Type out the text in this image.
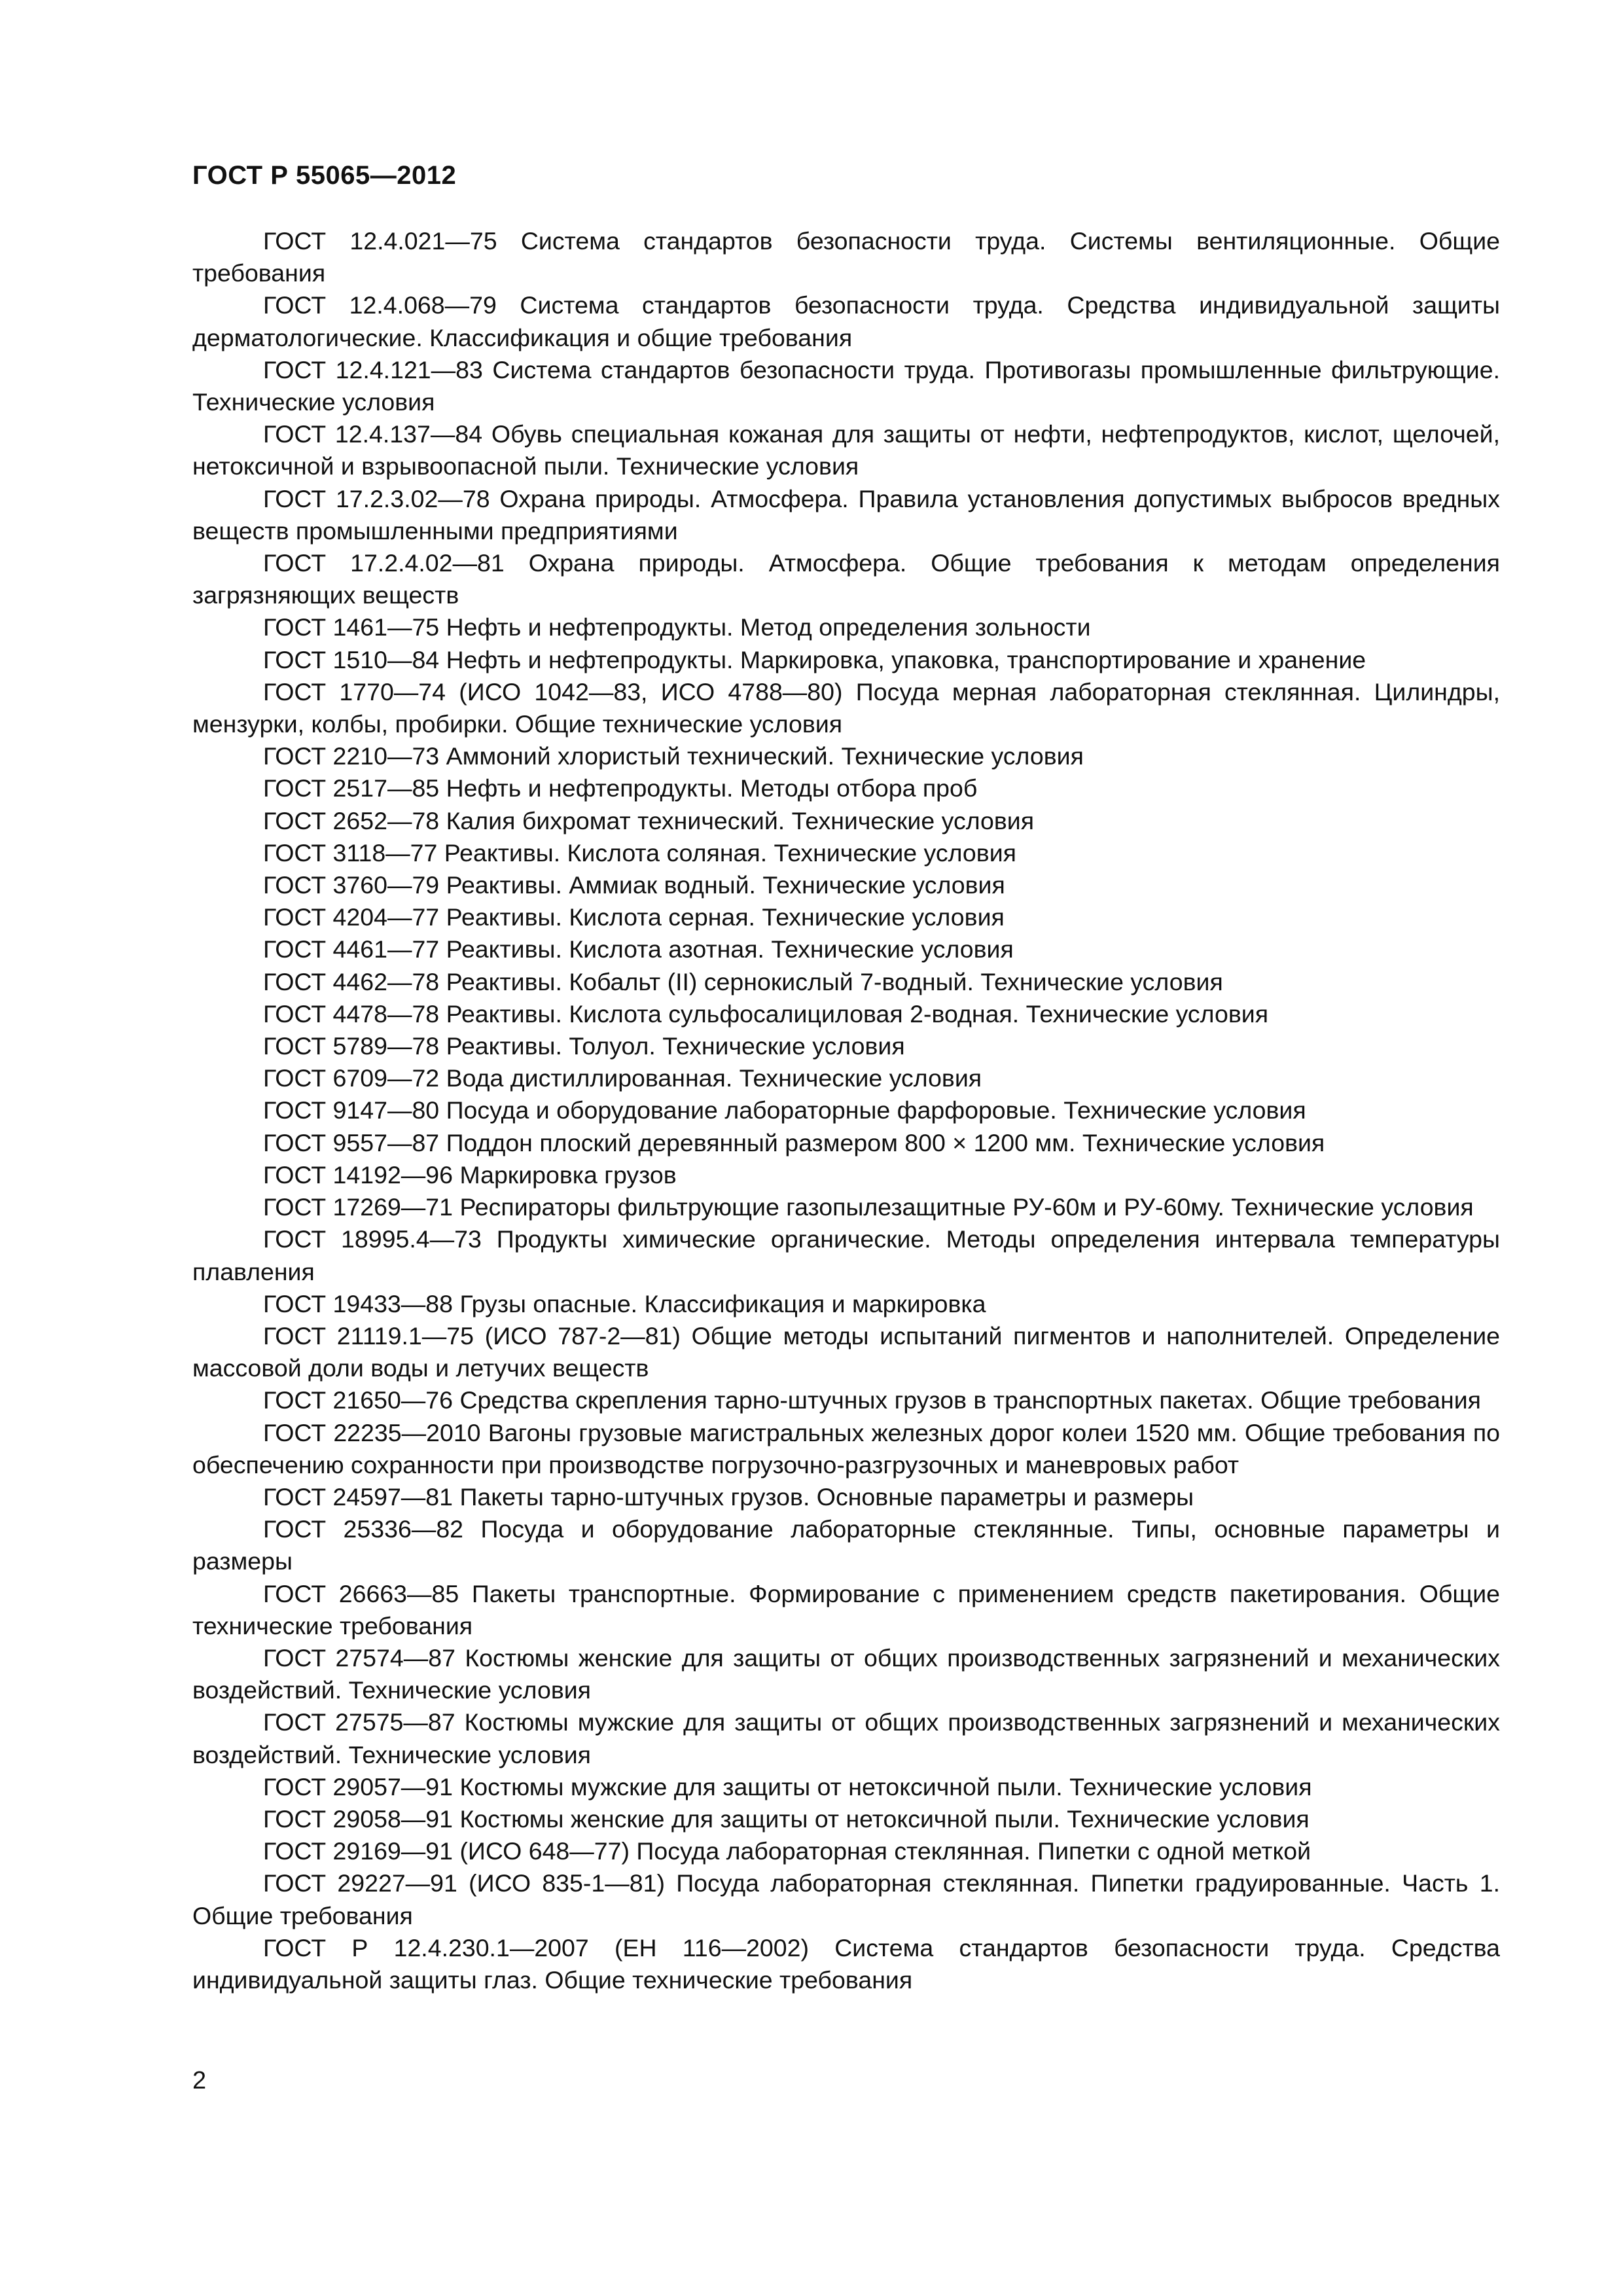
ГОСТ Р 55065—2012
ГОСТ 12.4.021—75 Система стандартов безопасности труда. Системы вентиляционные. Общие требования
ГОСТ 12.4.068—79 Система стандартов безопасности труда. Средства индивидуальной защиты дерматологические. Классификация и общие требования
ГОСТ 12.4.121—83 Система стандартов безопасности труда. Противогазы промышленные фильтрующие. Технические условия
ГОСТ 12.4.137—84 Обувь специальная кожаная для защиты от нефти, нефтепродуктов, кислот, щелочей, нетоксичной и взрывоопасной пыли. Технические условия
ГОСТ 17.2.3.02—78 Охрана природы. Атмосфера. Правила установления допустимых выбросов вредных веществ промышленными предприятиями
ГОСТ 17.2.4.02—81 Охрана природы. Атмосфера. Общие требования к методам определения загрязняющих веществ
ГОСТ 1461—75 Нефть и нефтепродукты. Метод определения зольности
ГОСТ 1510—84 Нефть и нефтепродукты. Маркировка, упаковка, транспортирование и хранение
ГОСТ 1770—74 (ИСО 1042—83, ИСО 4788—80) Посуда мерная лабораторная стеклянная. Цилиндры, мензурки, колбы, пробирки. Общие технические условия
ГОСТ 2210—73 Аммоний хлористый технический. Технические условия
ГОСТ 2517—85 Нефть и нефтепродукты. Методы отбора проб
ГОСТ 2652—78 Калия бихромат технический. Технические условия
ГОСТ 3118—77 Реактивы. Кислота соляная. Технические условия
ГОСТ 3760—79 Реактивы. Аммиак водный. Технические условия
ГОСТ 4204—77 Реактивы. Кислота серная. Технические условия
ГОСТ 4461—77 Реактивы. Кислота азотная. Технические условия
ГОСТ 4462—78 Реактивы. Кобальт (II) сернокислый 7-водный. Технические условия
ГОСТ 4478—78 Реактивы. Кислота сульфосалициловая 2-водная. Технические условия
ГОСТ 5789—78 Реактивы. Толуол. Технические условия
ГОСТ 6709—72 Вода дистиллированная. Технические условия
ГОСТ 9147—80 Посуда и оборудование лабораторные фарфоровые. Технические условия
ГОСТ 9557—87 Поддон плоский деревянный размером 800 × 1200 мм. Технические условия
ГОСТ 14192—96 Маркировка грузов
ГОСТ 17269—71 Респираторы фильтрующие газопылезащитные РУ-60м и РУ-60му. Технические условия
ГОСТ 18995.4—73 Продукты химические органические. Методы определения интервала температуры плавления
ГОСТ 19433—88 Грузы опасные. Классификация и маркировка
ГОСТ 21119.1—75 (ИСО 787-2—81) Общие методы испытаний пигментов и наполнителей. Определение массовой доли воды и летучих веществ
ГОСТ 21650—76 Средства скрепления тарно-штучных грузов в транспортных пакетах. Общие требования
ГОСТ 22235—2010 Вагоны грузовые магистральных железных дорог колеи 1520 мм. Общие требования по обеспечению сохранности при производстве погрузочно-разгрузочных и маневровых работ
ГОСТ 24597—81 Пакеты тарно-штучных грузов. Основные параметры и размеры
ГОСТ 25336—82 Посуда и оборудование лабораторные стеклянные. Типы, основные параметры и размеры
ГОСТ 26663—85 Пакеты транспортные. Формирование с применением средств пакетирования. Общие технические требования
ГОСТ 27574—87 Костюмы женские для защиты от общих производственных загрязнений и механических воздействий. Технические условия
ГОСТ 27575—87 Костюмы мужские для защиты от общих производственных загрязнений и механических воздействий. Технические условия
ГОСТ 29057—91 Костюмы мужские для защиты от нетоксичной пыли. Технические условия
ГОСТ 29058—91 Костюмы женские для защиты от нетоксичной пыли. Технические условия
ГОСТ 29169—91 (ИСО 648—77) Посуда лабораторная стеклянная. Пипетки с одной меткой
ГОСТ 29227—91 (ИСО 835-1—81) Посуда лабораторная стеклянная. Пипетки градуированные. Часть 1. Общие требования
ГОСТ Р 12.4.230.1—2007 (ЕН 116—2002) Система стандартов безопасности труда. Средства индивидуальной защиты глаз. Общие технические требования
2
